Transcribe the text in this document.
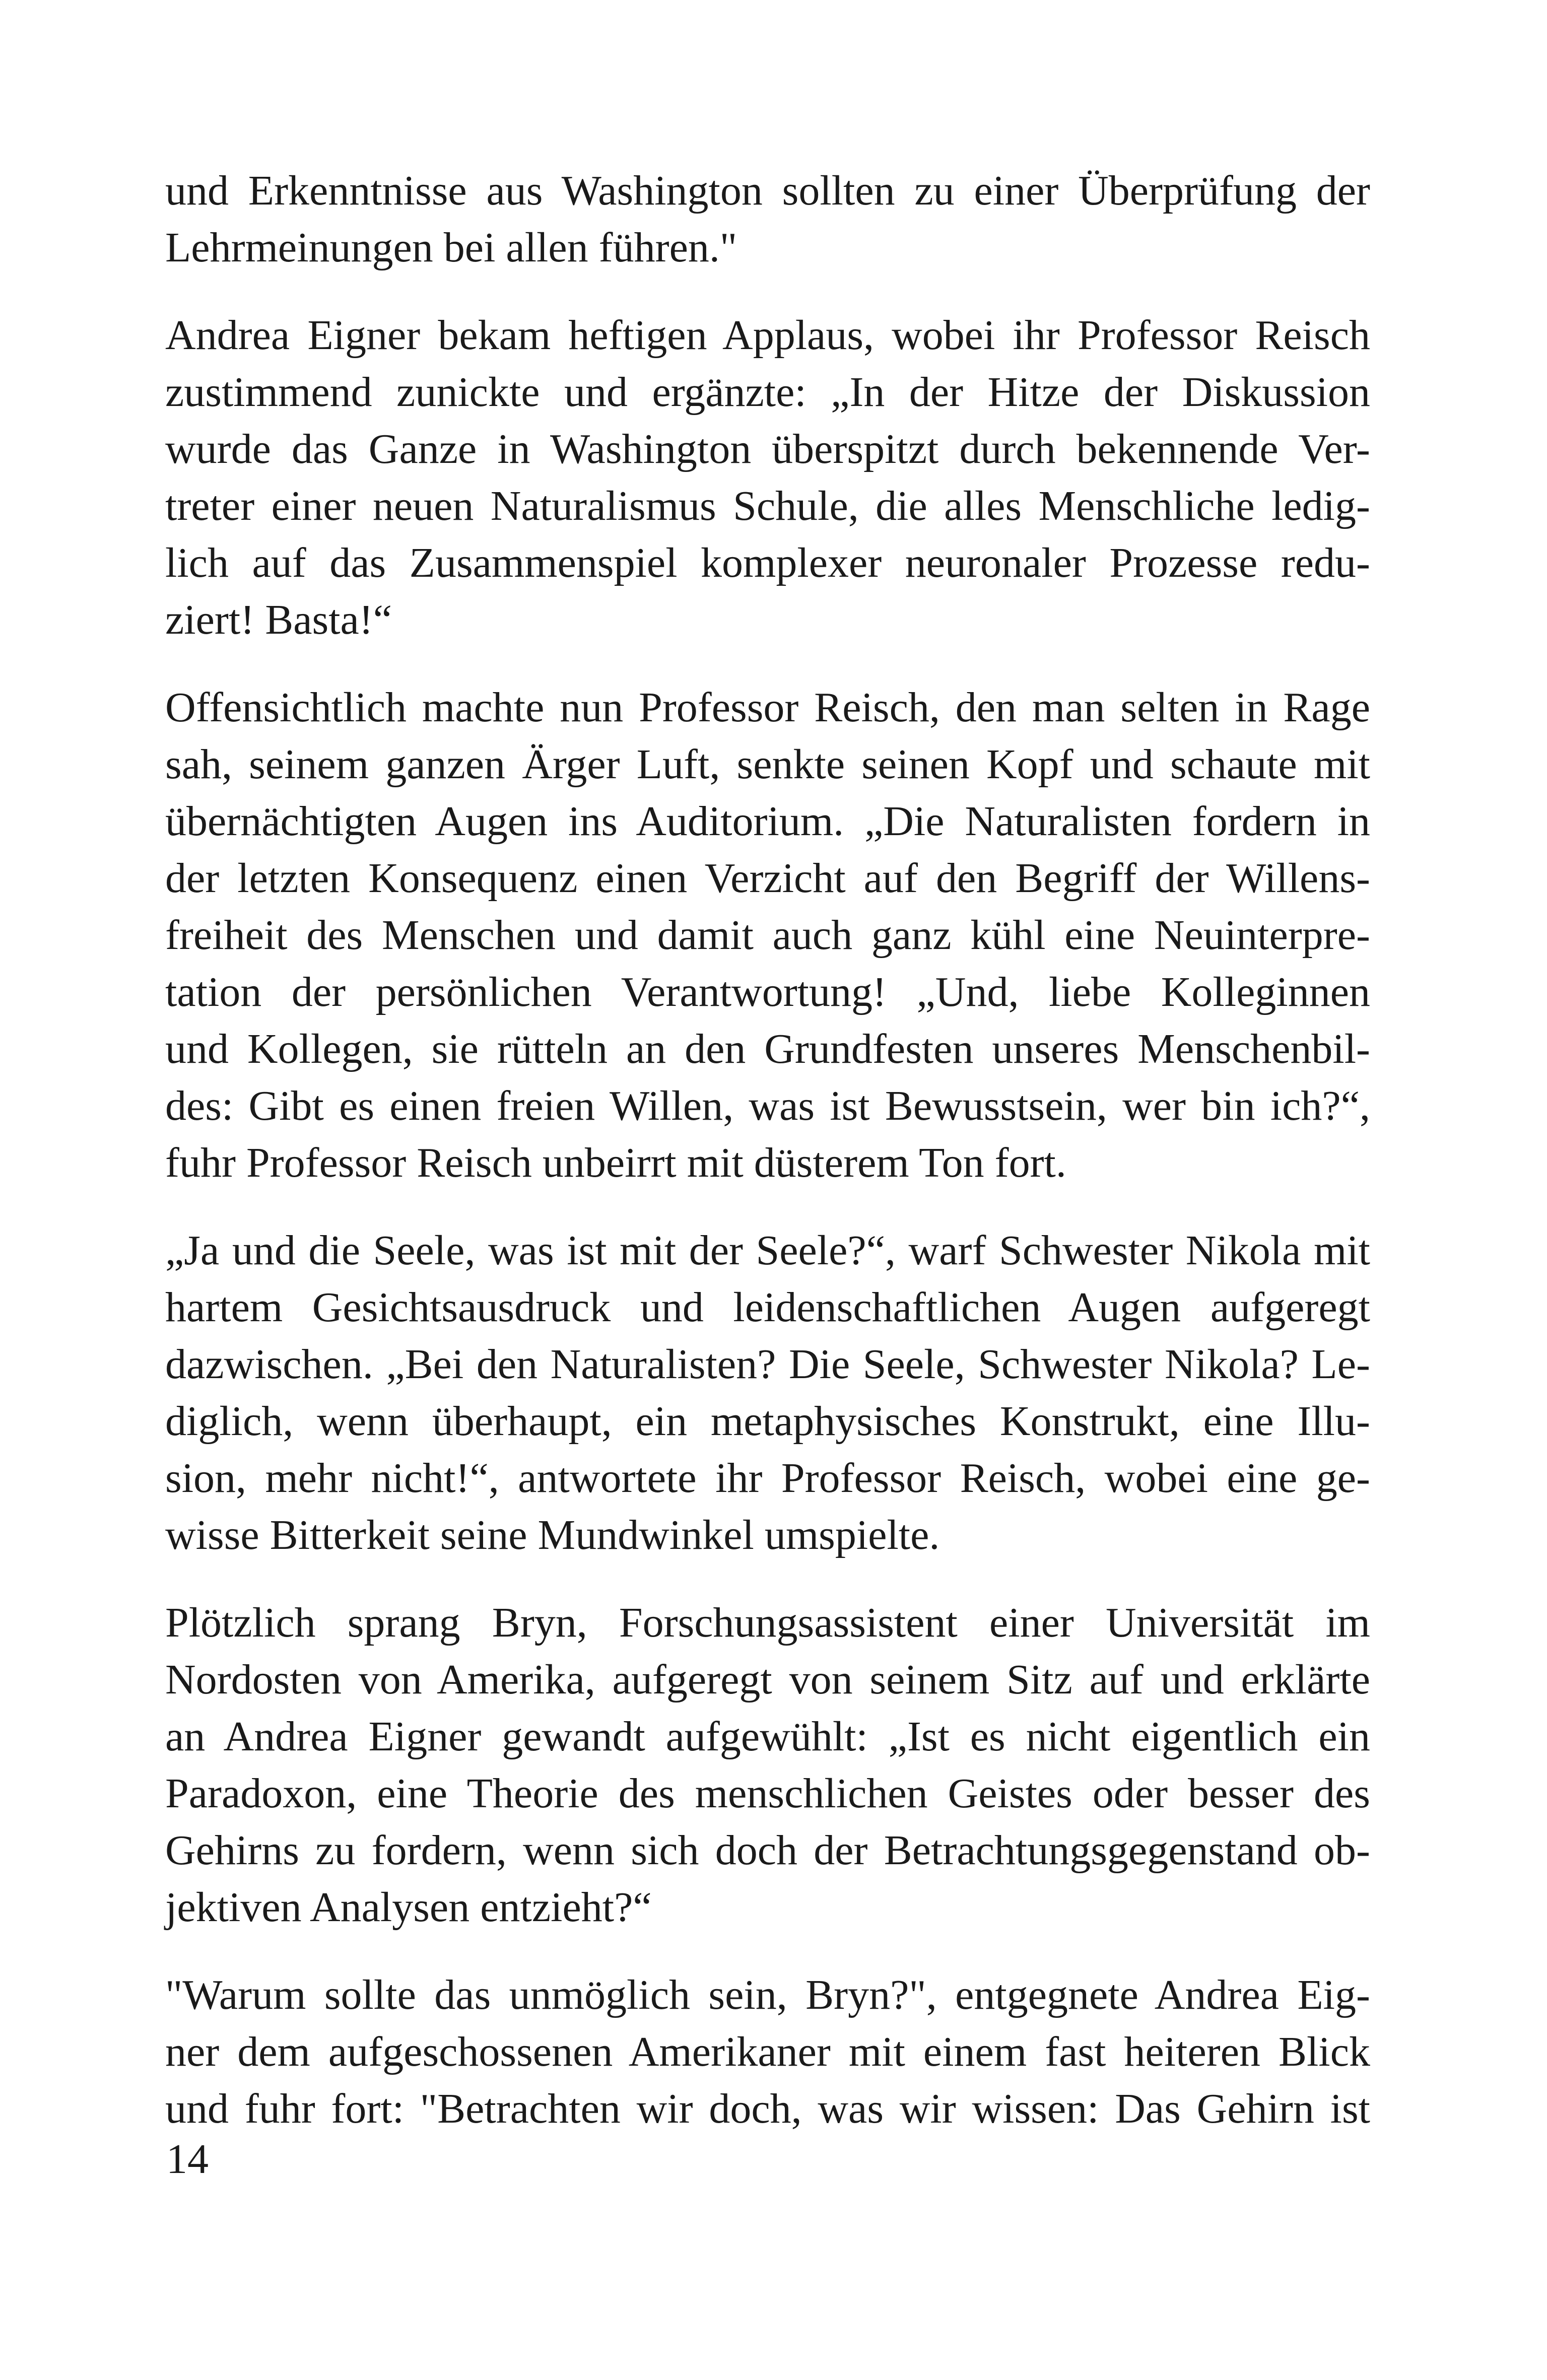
und Erkenntnisse aus Washington sollten zu einer Überprüfung der
Lehrmeinungen bei allen führen."
Andrea Eigner bekam heftigen Applaus, wobei ihr Professor Reisch
zustimmend zunickte und ergänzte: „In der Hitze der Diskussion
wurde das Ganze in Washington überspitzt durch bekennende Ver-
treter einer neuen Naturalismus Schule, die alles Menschliche ledig-
lich auf das Zusammenspiel komplexer neuronaler Prozesse redu-
ziert! Basta!“
Offensichtlich machte nun Professor Reisch, den man selten in Rage
sah, seinem ganzen Ärger Luft, senkte seinen Kopf und schaute mit
übernächtigten Augen ins Auditorium. „Die Naturalisten fordern in
der letzten Konsequenz einen Verzicht auf den Begriff der Willens-
freiheit des Menschen und damit auch ganz kühl eine Neuinterpre-
tation der persönlichen Verantwortung! „Und, liebe Kolleginnen
und Kollegen, sie rütteln an den Grundfesten unseres Menschenbil-
des: Gibt es einen freien Willen, was ist Bewusstsein, wer bin ich?“,
fuhr Professor Reisch unbeirrt mit düsterem Ton fort.
„Ja und die Seele, was ist mit der Seele?“, warf Schwester Nikola mit
hartem Gesichtsausdruck und leidenschaftlichen Augen aufgeregt
dazwischen. „Bei den Naturalisten? Die Seele, Schwester Nikola? Le-
diglich, wenn überhaupt, ein metaphysisches Konstrukt, eine Illu-
sion, mehr nicht!“, antwortete ihr Professor Reisch, wobei eine ge-
wisse Bitterkeit seine Mundwinkel umspielte.
Plötzlich sprang Bryn, Forschungsassistent einer Universität im
Nordosten von Amerika, aufgeregt von seinem Sitz auf und erklärte
an Andrea Eigner gewandt aufgewühlt: „Ist es nicht eigentlich ein
Paradoxon, eine Theorie des menschlichen Geistes oder besser des
Gehirns zu fordern, wenn sich doch der Betrachtungsgegenstand ob-
jektiven Analysen entzieht?“
"Warum sollte das unmöglich sein, Bryn?", entgegnete Andrea Eig-
ner dem aufgeschossenen Amerikaner mit einem fast heiteren Blick
und fuhr fort: "Betrachten wir doch, was wir wissen: Das Gehirn ist
14
